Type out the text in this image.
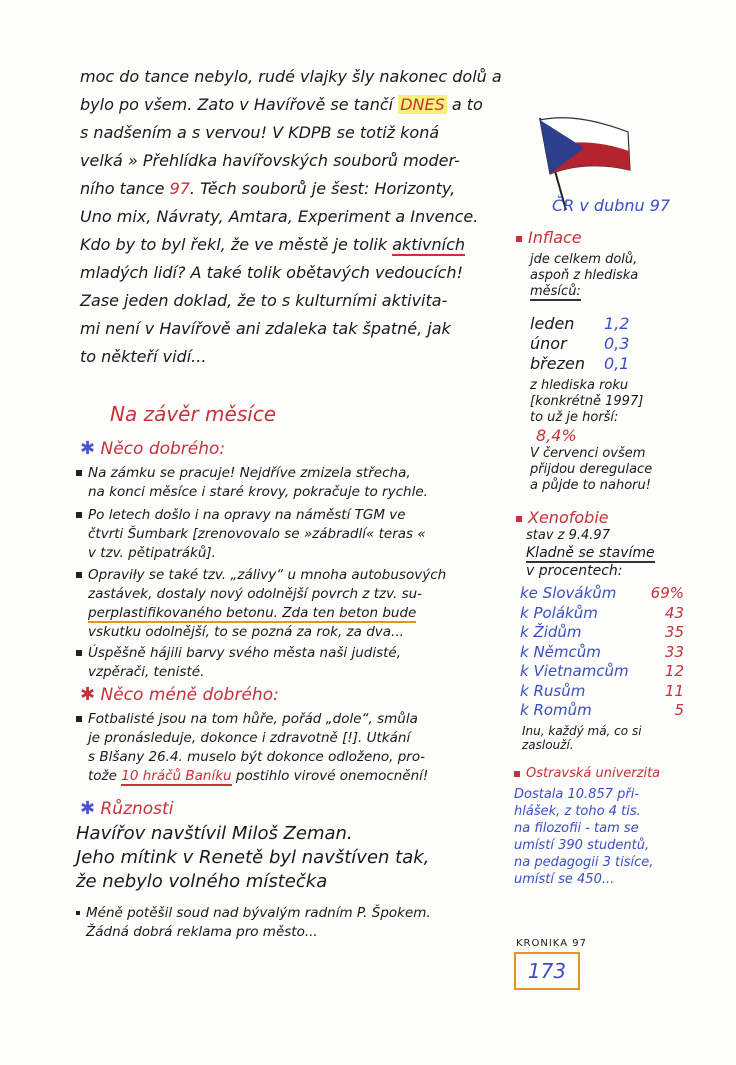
moc do tance nebylo, rudé vlajky šly nakonec dolů a
bylo po všem. Zato v Havířově se tančí DNES a to
s nadšením a s vervou! V KDPB se totiž koná
velká » Přehlídka havířovských souborů moder-
ního tance 97. Těch souborů je šest: Horizonty,
Uno mix, Návraty, Amtara, Experiment a Invence.
Kdo by to byl řekl, že ve městě je tolik aktivních
mladých lidí? A také tolik obětavých vedoucích!
Zase jeden doklad, že to s kulturními aktivita-
mi není v Havířově ani zdaleka tak špatné, jak
to někteří vidí...
Na závěr měsíce
✱ Něco dobrého:
Na zámku se pracuje! Nejdříve zmizela střecha,
na konci měsíce i staré krovy, pokračuje to rychle.
Po letech došlo i na opravy na náměstí TGM ve
čtvrti Šumbark [zrenovovalo se »zábradlí« teras «
v tzv. pětipatráků].
Opraviły se také tzv. „zálivy“ u mnoha autobusových
zastávek, dostaly nový odolnější povrch z tzv. su-
perplastifikovaného betonu. Zda ten beton bude
vskutku odolnější, to se pozná za rok, za dva...
Úspěšně hájili barvy svého města naši judisté,
vzpěrači, tenisté.
✱ Něco méně dobrého:
Fotbalisté jsou na tom hůře, pořád „dole“, smůla
je pronásleduje, dokonce i zdravotně [!]. Utkání
s Blšany 26.4. muselo být dokonce odloženo, pro-
tože 10 hráčů Baníku postihlo virové onemocnění!
✱ Různosti
Havířov navštívil Miloš Zeman.
Jeho mítink v Renetě byl navštíven tak,
že nebylo volného místečka
Méně potěšil soud nad bývalým radním P. Špokem.
Žádná dobrá reklama pro město...
ČR v dubnu 97
Inflace
jde celkem dolů,
aspoň z hlediska
měsíců:
leden 1,2
únor 0,3
březen 0,1
z hlediska roku
[konkrétně 1997]
to už je horší:
8,4%
V červenci ovšem
přijdou deregulace
a půjde to nahoru!
Xenofobie
stav z 9.4.97
Kladně se stavíme
v procentech:
ke Slovákům
k Polákům
k Židům
k Němcům
k Vietnamcům
k Rusům
k Romům
69%
43
35
33
12
11
5
Inu, každý má, co si
zaslouží.
Ostravská univerzita
Dostala 10.857 při-
hlášek, z toho 4 tis.
na filozofii - tam se
umístí 390 studentů,
na pedagogii 3 tisíce,
umístí se 450...
KRONIKA 97
173
